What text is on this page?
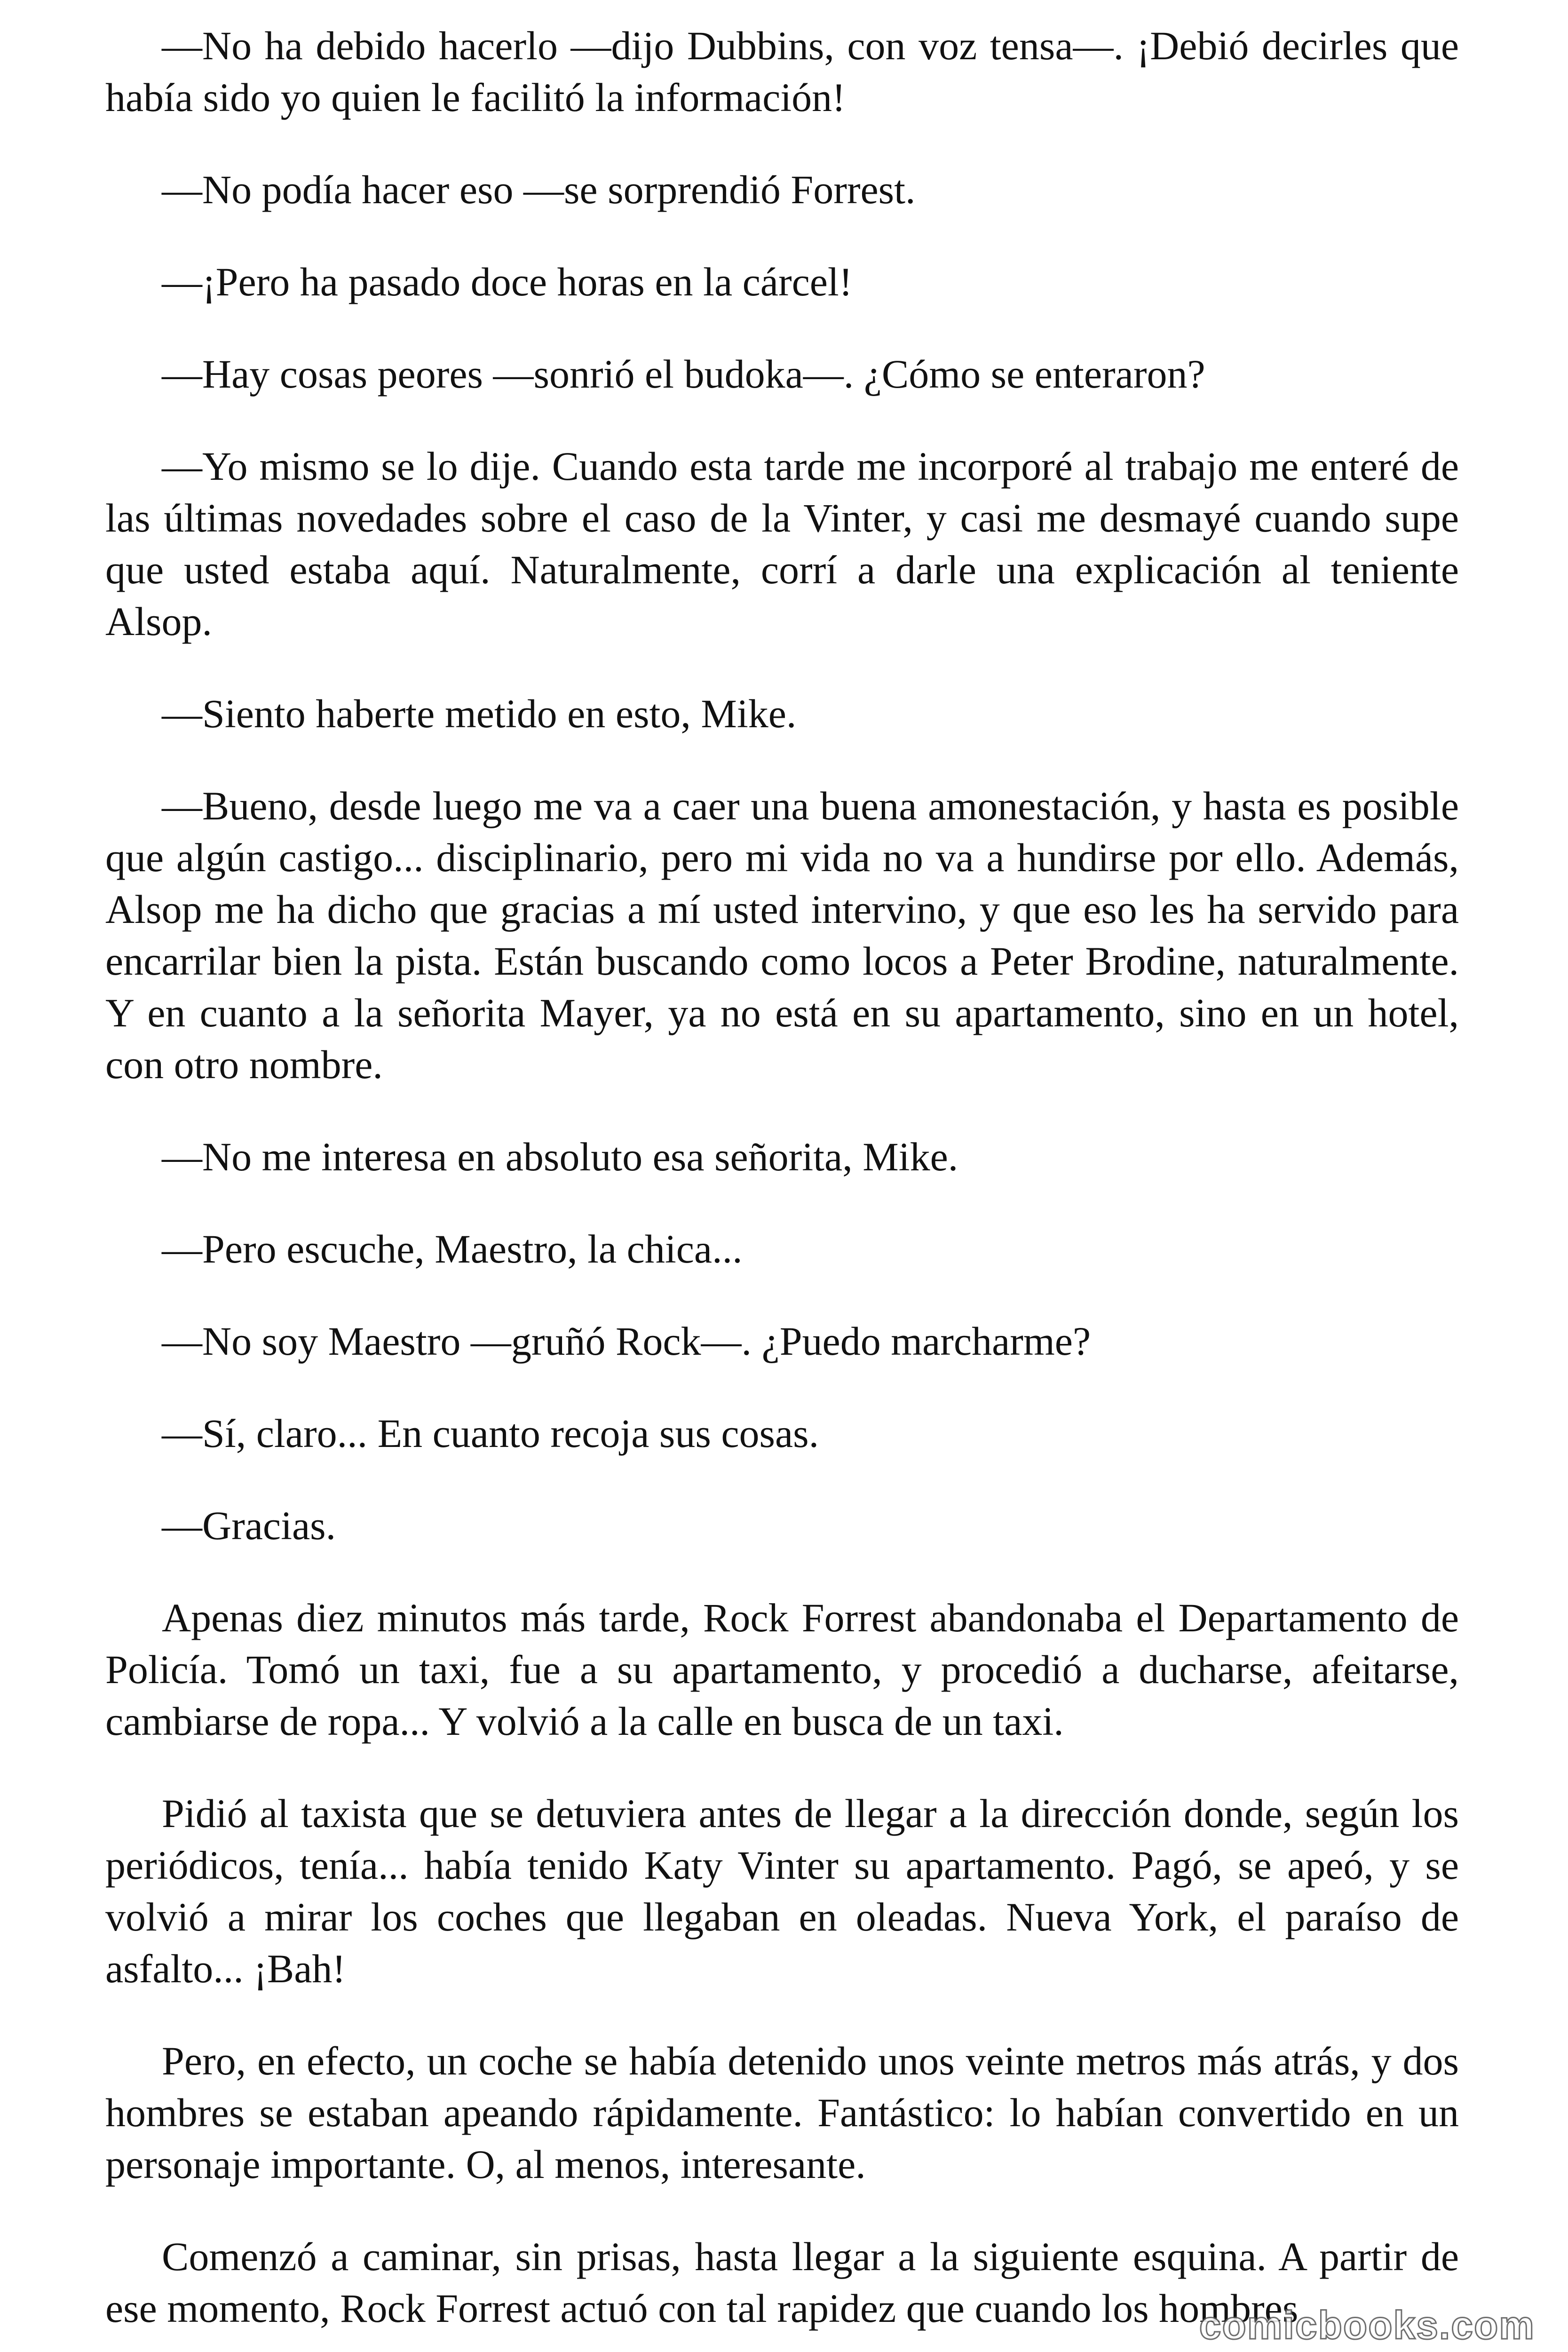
—No ha debido hacerlo —dijo Dubbins, con voz tensa—. ¡Debió decirles que había sido yo quien le facilitó la información!

—No podía hacer eso —se sorprendió Forrest.

—¡Pero ha pasado doce horas en la cárcel!

—Hay cosas peores —sonrió el budoka—. ¿Cómo se enteraron?

—Yo mismo se lo dije. Cuando esta tarde me incorporé al trabajo me enteré de las últimas novedades sobre el caso de la Vinter, y casi me desmayé cuando supe que usted estaba aquí. Naturalmente, corrí a darle una explicación al teniente Alsop.

—Siento haberte metido en esto, Mike.

—Bueno, desde luego me va a caer una buena amonestación, y hasta es posible que algún castigo... disciplinario, pero mi vida no va a hundirse por ello. Además, Alsop me ha dicho que gracias a mí usted intervino, y que eso les ha servido para encarrilar bien la pista. Están buscando como locos a Peter Brodine, naturalmente. Y en cuanto a la señorita Mayer, ya no está en su apartamento, sino en un hotel, con otro nombre.

—No me interesa en absoluto esa señorita, Mike.

—Pero escuche, Maestro, la chica...

—No soy Maestro —gruñó Rock—. ¿Puedo marcharme?

—Sí, claro... En cuanto recoja sus cosas.

—Gracias.

Apenas diez minutos más tarde, Rock Forrest abandonaba el Departamento de Policía. Tomó un taxi, fue a su apartamento, y procedió a ducharse, afeitarse, cambiarse de ropa... Y volvió a la calle en busca de un taxi.

Pidió al taxista que se detuviera antes de llegar a la dirección donde, según los periódicos, tenía... había tenido Katy Vinter su apartamento. Pagó, se apeó, y se volvió a mirar los coches que llegaban en oleadas. Nueva York, el paraíso de asfalto... ¡Bah!

Pero, en efecto, un coche se había detenido unos veinte metros más atrás, y dos hombres se estaban apeando rápidamente. Fantástico: lo habían convertido en un personaje importante. O, al menos, interesante.

Comenzó a caminar, sin prisas, hasta llegar a la siguiente esquina. A partir de ese momento, Rock Forrest actuó con tal rapidez que cuando los hombres

comicbooks.com
